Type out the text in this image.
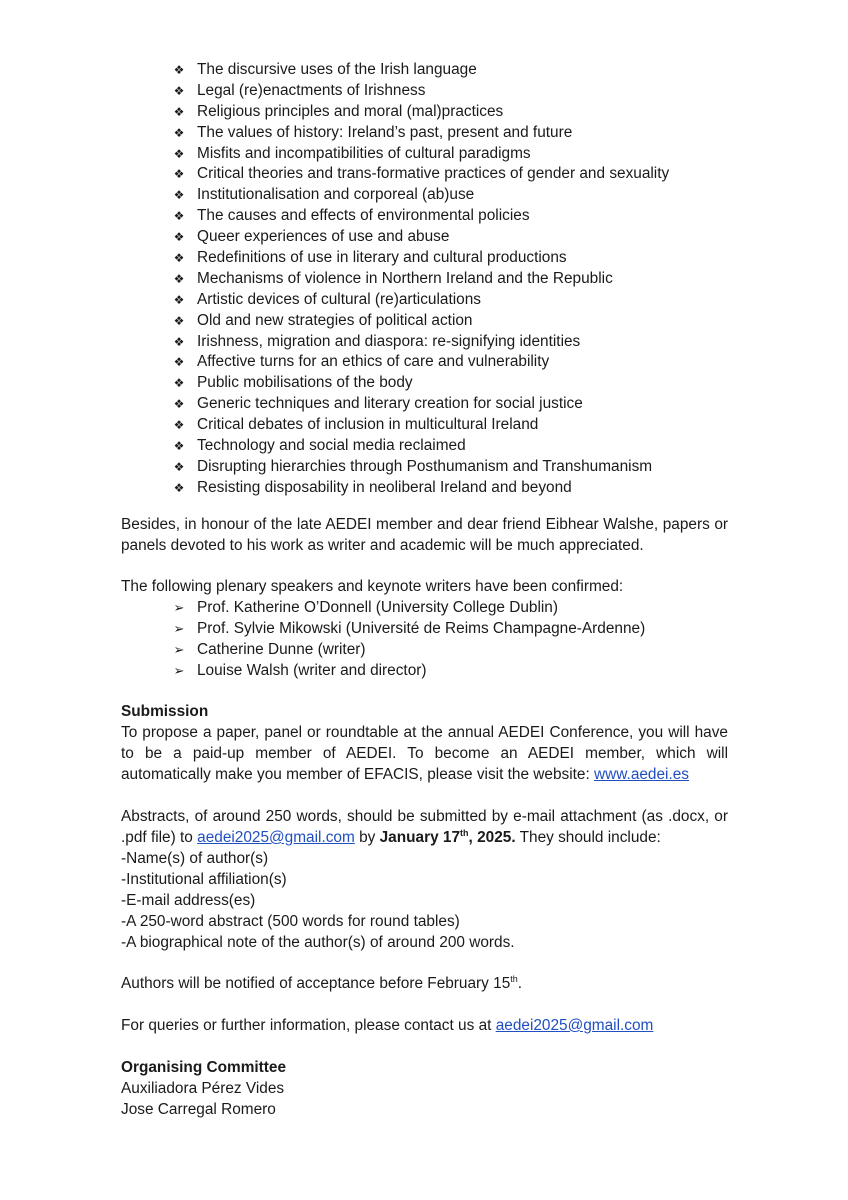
❖ The discursive uses of the Irish language
❖ Legal (re)enactments of Irishness
❖ Religious principles and moral (mal)practices
❖ The values of history: Ireland’s past, present and future
❖ Misfits and incompatibilities of cultural paradigms
❖ Critical theories and trans-formative practices of gender and sexuality
❖ Institutionalisation and corporeal (ab)use
❖ The causes and effects of environmental policies
❖ Queer experiences of use and abuse
❖ Redefinitions of use in literary and cultural productions
❖ Mechanisms of violence in Northern Ireland and the Republic
❖ Artistic devices of cultural (re)articulations
❖ Old and new strategies of political action
❖ Irishness, migration and diaspora: re-signifying identities
❖ Affective turns for an ethics of care and vulnerability
❖ Public mobilisations of the body
❖ Generic techniques and literary creation for social justice
❖ Critical debates of inclusion in multicultural Ireland
❖ Technology and social media reclaimed
❖ Disrupting hierarchies through Posthumanism and Transhumanism
❖ Resisting disposability in neoliberal Ireland and beyond

Besides, in honour of the late AEDEI member and dear friend Eibhear Walshe, papers or panels devoted to his work as writer and academic will be much appreciated.

The following plenary speakers and keynote writers have been confirmed:

➢ Prof. Katherine O’Donnell (University College Dublin)
➢ Prof. Sylvie Mikowski (Université de Reims Champagne-Ardenne)
➢ Catherine Dunne (writer)
➢ Louise Walsh (writer and director)
Submission

To propose a paper, panel or roundtable at the annual AEDEI Conference, you will have to be a paid-up member of AEDEI. To become an AEDEI member, which will automatically make you member of EFACIS, please visit the website: www.aedei.es

Abstracts, of around 250 words, should be submitted by e-mail attachment (as .docx, or .pdf file) to aedei2025@gmail.com by January 17th, 2025. They should include:

-Name(s) of author(s)
-Institutional affiliation(s)
-E-mail address(es)
-A 250-word abstract (500 words for round tables)
-A biographical note of the author(s) of around 200 words.

Authors will be notified of acceptance before February 15th.

For queries or further information, please contact us at aedei2025@gmail.com

Organising Committee
Auxiliadora Pérez Vides
Jose Carregal Romero
